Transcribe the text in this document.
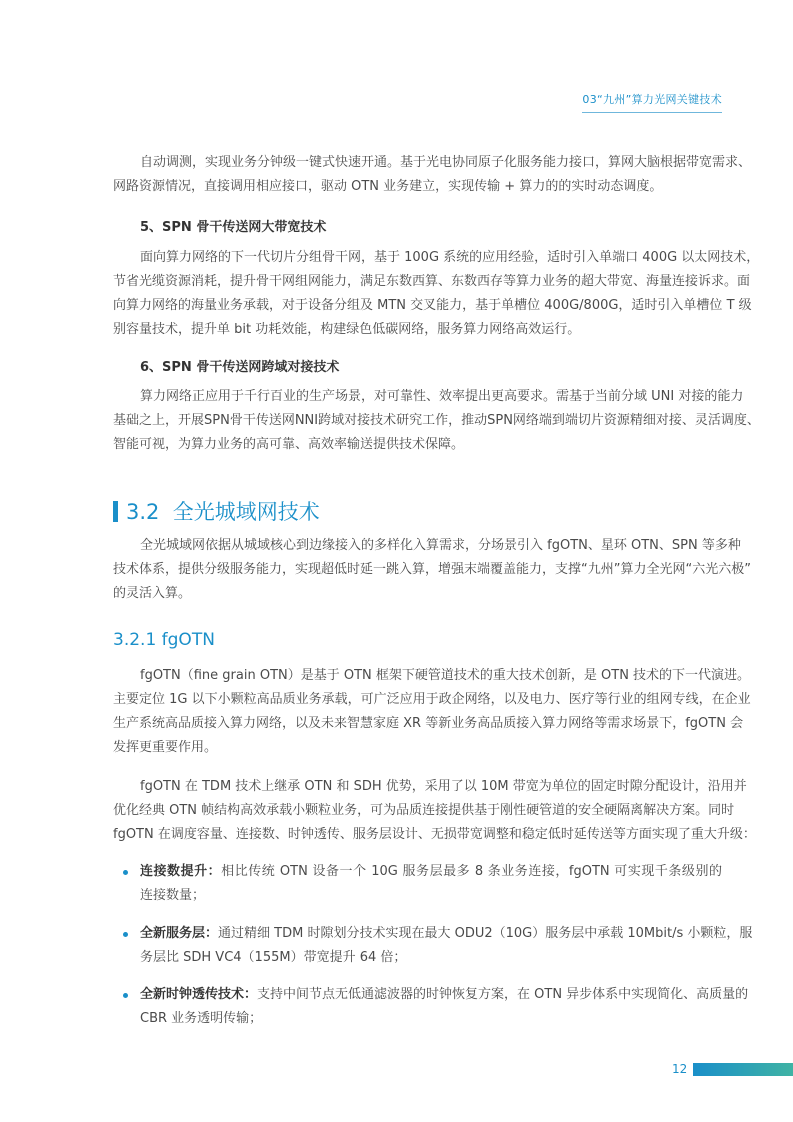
03“九州”算力光网关键技术
自动调测，实现业务分钟级一键式快速开通。基于光电协同原子化服务能力接口，算网大脑根据带宽需求、
网路资源情况，直接调用相应接口，驱动 OTN 业务建立，实现传输 + 算力的的实时动态调度。
5、SPN 骨干传送网大带宽技术
面向算力网络的下一代切片分组骨干网，基于 100G 系统的应用经验，适时引入单端口 400G 以太网技术，
节省光缆资源消耗，提升骨干网组网能力，满足东数西算、东数西存等算力业务的超大带宽、海量连接诉求。面
向算力网络的海量业务承载，对于设备分组及 MTN 交叉能力，基于单槽位 400G/800G，适时引入单槽位 T 级
别容量技术，提升单 bit 功耗效能，构建绿色低碳网络，服务算力网络高效运行。
6、SPN 骨干传送网跨域对接技术
算力网络正应用于千行百业的生产场景，对可靠性、效率提出更高要求。需基于当前分域 UNI 对接的能力
基础之上，开展SPN骨干传送网NNI跨域对接技术研究工作，推动SPN网络端到端切片资源精细对接、灵活调度、
智能可视，为算力业务的高可靠、高效率输送提供技术保障。
3.2  全光城域网技术
全光城域网依据从城域核心到边缘接入的多样化入算需求，分场景引入 fgOTN、星环 OTN、SPN 等多种
技术体系，提供分级服务能力，实现超低时延一跳入算，增强末端覆盖能力，支撑“九州”算力全光网“六光六极”
的灵活入算。
3.2.1 fgOTN
fgOTN（fine grain OTN）是基于 OTN 框架下硬管道技术的重大技术创新，是 OTN 技术的下一代演进。
主要定位 1G 以下小颗粒高品质业务承载，可广泛应用于政企网络，以及电力、医疗等行业的组网专线，在企业
生产系统高品质接入算力网络，以及未来智慧家庭 XR 等新业务高品质接入算力网络等需求场景下，fgOTN 会
发挥更重要作用。
fgOTN 在 TDM 技术上继承 OTN 和 SDH 优势，采用了以 10M 带宽为单位的固定时隙分配设计，沿用并
优化经典 OTN 帧结构高效承载小颗粒业务，可为品质连接提供基于刚性硬管道的安全硬隔离解决方案。同时
fgOTN 在调度容量、连接数、时钟透传、服务层设计、无损带宽调整和稳定低时延传送等方面实现了重大升级：
连接数提升：相比传统 OTN 设备一个 10G 服务层最多 8 条业务连接，fgOTN 可实现千条级别的
连接数量；
全新服务层：通过精细 TDM 时隙划分技术实现在最大 ODU2（10G）服务层中承载 10Mbit/s 小颗粒，服
务层比 SDH VC4（155M）带宽提升 64 倍；
全新时钟透传技术：支持中间节点无低通滤波器的时钟恢复方案，在 OTN 异步体系中实现简化、高质量的
CBR 业务透明传输；
12
